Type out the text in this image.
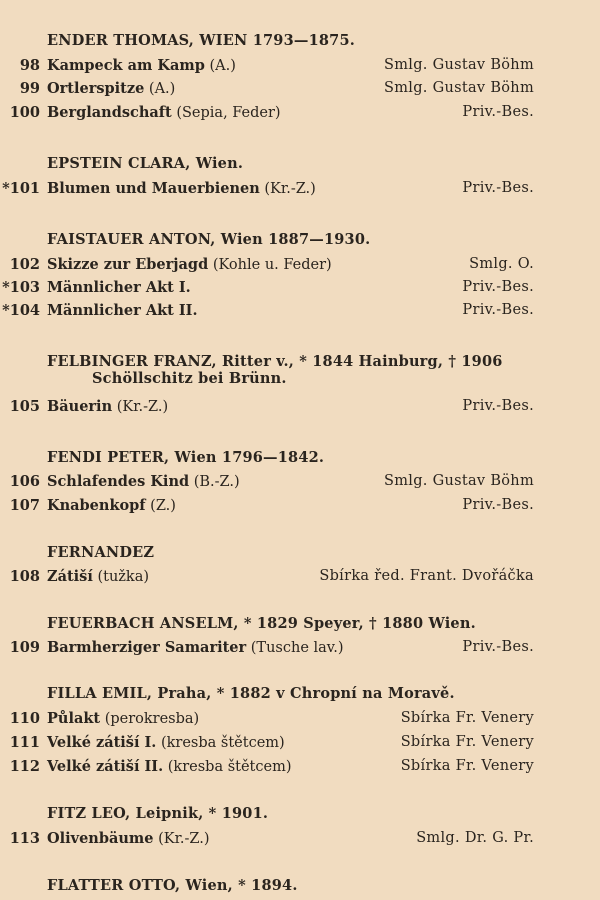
ENDER THOMAS, WIEN 1793—1875.
98 Kampeck am Kamp (A.)	Smlg. Gustav Böhm
99 Ortlerspitze (A.)	Smlg. Gustav Böhm
100 Berglandschaft (Sepia, Feder)	Priv.-Bes.
EPSTEIN CLARA, Wien.
*101 Blumen und Mauerbienen (Kr.-Z.)	Priv.-Bes.
FAISTAUER ANTON, Wien 1887—1930.
102 Skizze zur Eberjagd (Kohle u. Feder)	Smlg. O.
*103 Männlicher Akt I.	Priv.-Bes.
*104 Männlicher Akt II.	Priv.-Bes.
FELBINGER FRANZ, Ritter v., * 1844 Hainburg, † 1906
Schöllschitz bei Brünn.
105 Bäuerin (Kr.-Z.)	Priv.-Bes.
FENDI PETER, Wien 1796—1842.
106 Schlafendes Kind (B.-Z.)	Smlg. Gustav Böhm
107 Knabenkopf (Z.)	Priv.-Bes.
FERNANDEZ
108 Zátiší (tužka)	Sbírka řed. Frant. Dvořáčka
FEUERBACH ANSELM, * 1829 Speyer, † 1880 Wien.
109 Barmherziger Samariter (Tusche lav.)	Priv.-Bes.
FILLA EMIL, Praha, * 1882 v Chropní na Moravě.
110 Půlakt (perokresba)	Sbírka Fr. Venery
111 Velké zátiší I. (kresba štětcem)	Sbírka Fr. Venery
112 Velké zátiší II. (kresba štětcem)	Sbírka Fr. Venery
FITZ LEO, Leipnik, * 1901.
113 Olivenbäume (Kr.-Z.)	Smlg. Dr. G. Pr.
FLATTER OTTO, Wien, * 1894.
